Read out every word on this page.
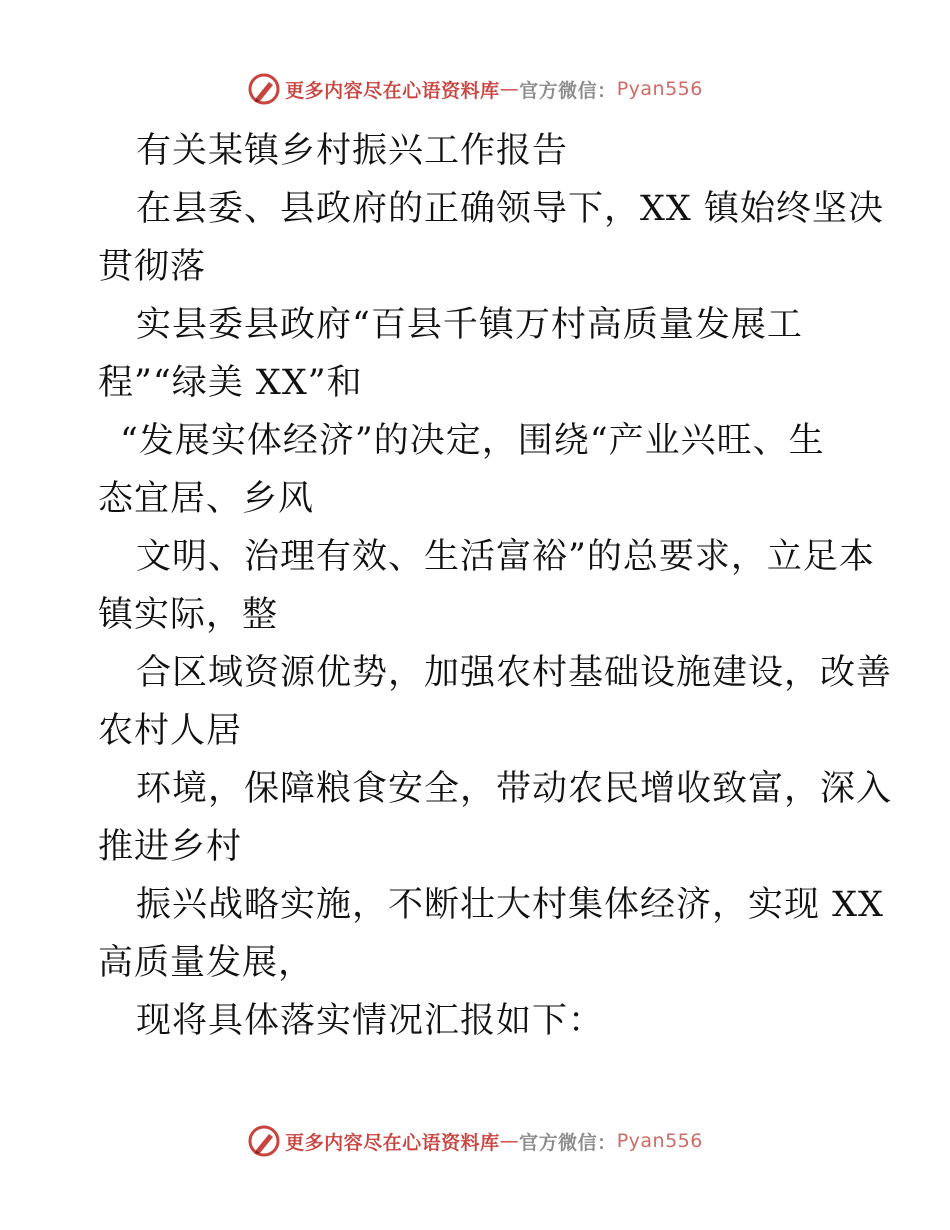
更多内容尽在心语资料库 — 官方微信： Pyan556
有关某镇乡村振兴工作报告
在县委、县政府的正确领导下，XX 镇始终坚决
贯彻落
实县委县政府“百县千镇万村高质量发展工
程”“绿美 XX”和
“发展实体经济”的决定，围绕“产业兴旺、生
态宜居、乡风
文明、治理有效、生活富裕”的总要求，立足本
镇实际，整
合区域资源优势，加强农村基础设施建设，改善
农村人居
环境，保障粮食安全，带动农民增收致富，深入
推进乡村
振兴战略实施，不断壮大村集体经济，实现 XX
高质量发展，
现将具体落实情况汇报如下：
更多内容尽在心语资料库 — 官方微信： Pyan556
